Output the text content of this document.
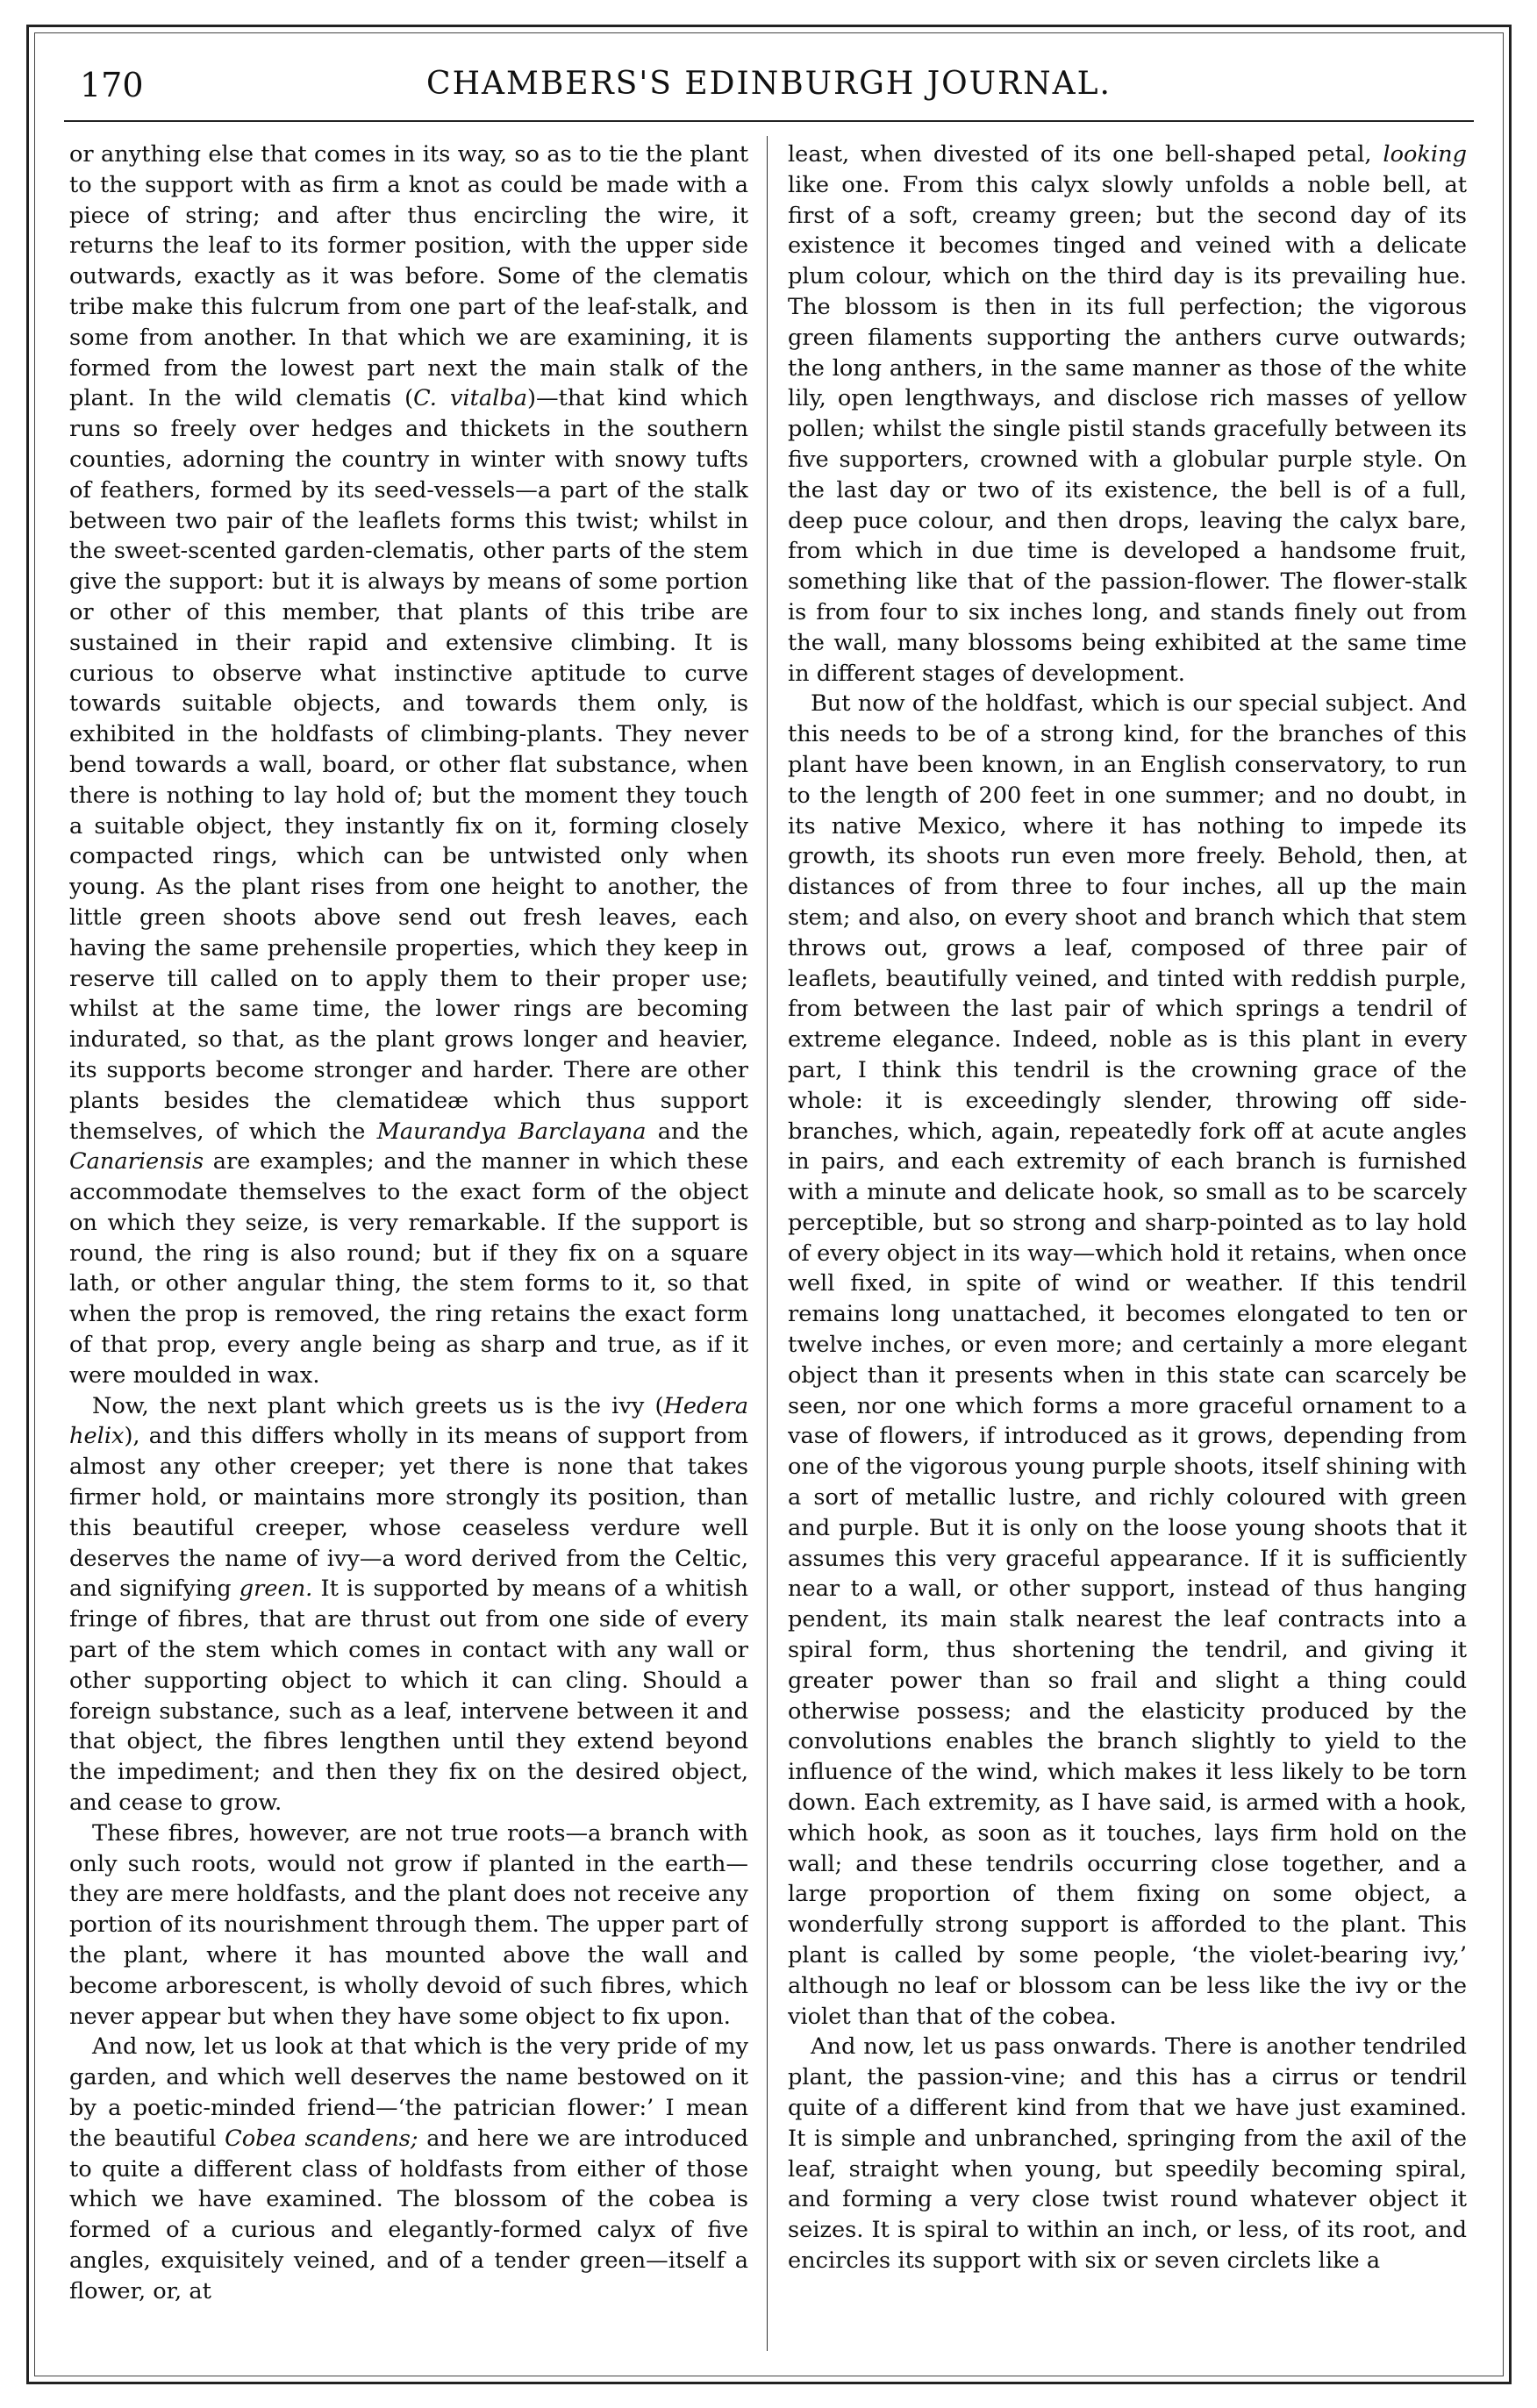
170	CHAMBERS'S EDINBURGH JOURNAL.

or anything else that comes in its way, so as to tie the plant to the support with as firm a knot as could be made with a piece of string; and after thus encircling the wire, it returns the leaf to its former position, with the upper side outwards, exactly as it was before. Some of the clematis tribe make this fulcrum from one part of the leaf-stalk, and some from another. In that which we are examining, it is formed from the lowest part next the main stalk of the plant. In the wild clematis (C. vitalba)—that kind which runs so freely over hedges and thickets in the southern counties, adorning the country in winter with snowy tufts of feathers, formed by its seed-vessels—a part of the stalk between two pair of the leaflets forms this twist; whilst in the sweet-scented garden-clematis, other parts of the stem give the support: but it is always by means of some portion or other of this member, that plants of this tribe are sustained in their rapid and extensive climbing. It is curious to observe what instinctive aptitude to curve towards suitable objects, and towards them only, is exhibited in the holdfasts of climbing-plants. They never bend towards a wall, board, or other flat substance, when there is nothing to lay hold of; but the moment they touch a suitable object, they instantly fix on it, forming closely compacted rings, which can be untwisted only when young. As the plant rises from one height to another, the little green shoots above send out fresh leaves, each having the same prehensile properties, which they keep in reserve till called on to apply them to their proper use; whilst at the same time, the lower rings are becoming indurated, so that, as the plant grows longer and heavier, its supports become stronger and harder. There are other plants besides the clematideæ which thus support themselves, of which the Maurandya Barclayana and the Canariensis are examples; and the manner in which these accommodate themselves to the exact form of the object on which they seize, is very remarkable. If the support is round, the ring is also round; but if they fix on a square lath, or other angular thing, the stem forms to it, so that when the prop is removed, the ring retains the exact form of that prop, every angle being as sharp and true, as if it were moulded in wax.

Now, the next plant which greets us is the ivy (Hedera helix), and this differs wholly in its means of support from almost any other creeper; yet there is none that takes firmer hold, or maintains more strongly its position, than this beautiful creeper, whose ceaseless verdure well deserves the name of ivy—a word derived from the Celtic, and signifying green. It is supported by means of a whitish fringe of fibres, that are thrust out from one side of every part of the stem which comes in contact with any wall or other supporting object to which it can cling. Should a foreign substance, such as a leaf, intervene between it and that object, the fibres lengthen until they extend beyond the impediment; and then they fix on the desired object, and cease to grow.

These fibres, however, are not true roots—a branch with only such roots, would not grow if planted in the earth—they are mere holdfasts, and the plant does not receive any portion of its nourishment through them. The upper part of the plant, where it has mounted above the wall and become arborescent, is wholly devoid of such fibres, which never appear but when they have some object to fix upon.

And now, let us look at that which is the very pride of my garden, and which well deserves the name bestowed on it by a poetic-minded friend—‘the patrician flower:’ I mean the beautiful Cobea scandens; and here we are introduced to quite a different class of holdfasts from either of those which we have examined. The blossom of the cobea is formed of a curious and elegantly-formed calyx of five angles, exquisitely veined, and of a tender green—itself a flower, or, at

least, when divested of its one bell-shaped petal, looking like one. From this calyx slowly unfolds a noble bell, at first of a soft, creamy green; but the second day of its existence it becomes tinged and veined with a delicate plum colour, which on the third day is its prevailing hue. The blossom is then in its full perfection; the vigorous green filaments supporting the anthers curve outwards; the long anthers, in the same manner as those of the white lily, open lengthways, and disclose rich masses of yellow pollen; whilst the single pistil stands gracefully between its five supporters, crowned with a globular purple style. On the last day or two of its existence, the bell is of a full, deep puce colour, and then drops, leaving the calyx bare, from which in due time is developed a handsome fruit, something like that of the passion-flower. The flower-stalk is from four to six inches long, and stands finely out from the wall, many blossoms being exhibited at the same time in different stages of development.

But now of the holdfast, which is our special subject. And this needs to be of a strong kind, for the branches of this plant have been known, in an English conservatory, to run to the length of 200 feet in one summer; and no doubt, in its native Mexico, where it has nothing to impede its growth, its shoots run even more freely. Behold, then, at distances of from three to four inches, all up the main stem; and also, on every shoot and branch which that stem throws out, grows a leaf, composed of three pair of leaflets, beautifully veined, and tinted with reddish purple, from between the last pair of which springs a tendril of extreme elegance. Indeed, noble as is this plant in every part, I think this tendril is the crowning grace of the whole: it is exceedingly slender, throwing off side-branches, which, again, repeatedly fork off at acute angles in pairs, and each extremity of each branch is furnished with a minute and delicate hook, so small as to be scarcely perceptible, but so strong and sharp-pointed as to lay hold of every object in its way—which hold it retains, when once well fixed, in spite of wind or weather. If this tendril remains long unattached, it becomes elongated to ten or twelve inches, or even more; and certainly a more elegant object than it presents when in this state can scarcely be seen, nor one which forms a more graceful ornament to a vase of flowers, if introduced as it grows, depending from one of the vigorous young purple shoots, itself shining with a sort of metallic lustre, and richly coloured with green and purple. But it is only on the loose young shoots that it assumes this very graceful appearance. If it is sufficiently near to a wall, or other support, instead of thus hanging pendent, its main stalk nearest the leaf contracts into a spiral form, thus shortening the tendril, and giving it greater power than so frail and slight a thing could otherwise possess; and the elasticity produced by the convolutions enables the branch slightly to yield to the influence of the wind, which makes it less likely to be torn down. Each extremity, as I have said, is armed with a hook, which hook, as soon as it touches, lays firm hold on the wall; and these tendrils occurring close together, and a large proportion of them fixing on some object, a wonderfully strong support is afforded to the plant. This plant is called by some people, ‘the violet-bearing ivy,’ although no leaf or blossom can be less like the ivy or the violet than that of the cobea.

And now, let us pass onwards. There is another tendriled plant, the passion-vine; and this has a cirrus or tendril quite of a different kind from that we have just examined. It is simple and unbranched, springing from the axil of the leaf, straight when young, but speedily becoming spiral, and forming a very close twist round whatever object it seizes. It is spiral to within an inch, or less, of its root, and encircles its support with six or seven circlets like a
